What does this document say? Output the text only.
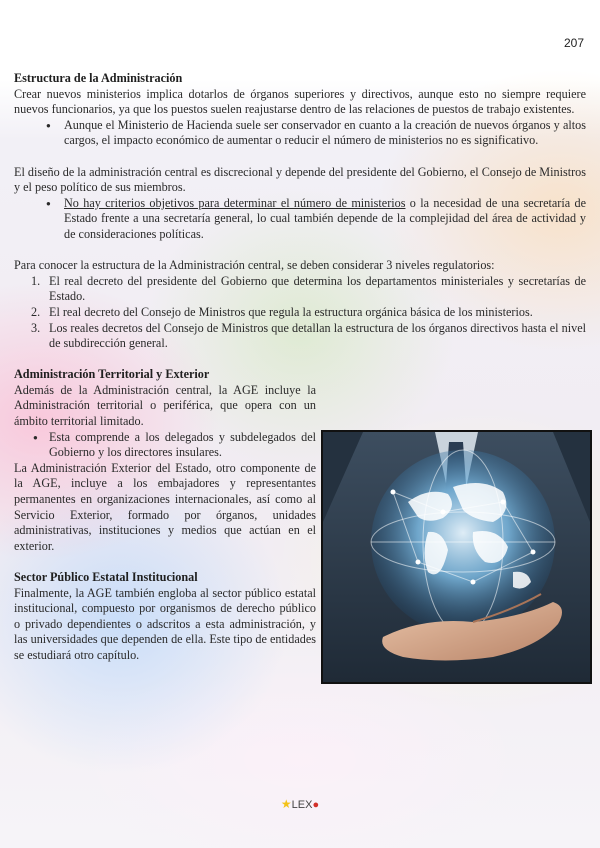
207
Estructura de la Administración

Crear nuevos ministerios implica dotarlos de órganos superiores y directivos, aunque esto no siempre requiere nuevos funcionarios, ya que los puestos suelen reajustarse dentro de las relaciones de puestos de trabajo existentes.

● Aunque el Ministerio de Hacienda suele ser conservador en cuanto a la creación de nuevos órganos y altos cargos, el impacto económico de aumentar o reducir el número de ministerios no es significativo.

El diseño de la administración central es discrecional y depende del presidente del Gobierno, el Consejo de Ministros y el peso político de sus miembros.

● No hay criterios objetivos para determinar el número de ministerios o la necesidad de una secretaría de Estado frente a una secretaría general, lo cual también depende de la complejidad del área de actividad y de consideraciones políticas.

Para conocer la estructura de la Administración central, se deben considerar 3 niveles regulatorios:

1. El real decreto del presidente del Gobierno que determina los departamentos ministeriales y secretarías de Estado.
2. El real decreto del Consejo de Ministros que regula la estructura orgánica básica de los ministerios.
3. Los reales decretos del Consejo de Ministros que detallan la estructura de los órganos directivos hasta el nivel de subdirección general.
Administración Territorial y Exterior

Además de la Administración central, la AGE incluye la Administración territorial o periférica, que opera con un ámbito territorial limitado.

● Esta comprende a los delegados y subdelegados del Gobierno y los directores insulares.

La Administración Exterior del Estado, otro componente de la AGE, incluye a los embajadores y representantes permanentes en organizaciones internacionales, así como al Servicio Exterior, formado por órganos, unidades administrativas, instituciones y medios que actúan en el exterior.

Sector Público Estatal Institucional

Finalmente, la AGE también engloba al sector público estatal institucional, compuesto por organismos de derecho público o privado dependientes o adscritos a esta administración, y las universidades que dependen de ella. Este tipo de entidades se estudiará otro capítulo.

★LEX●
